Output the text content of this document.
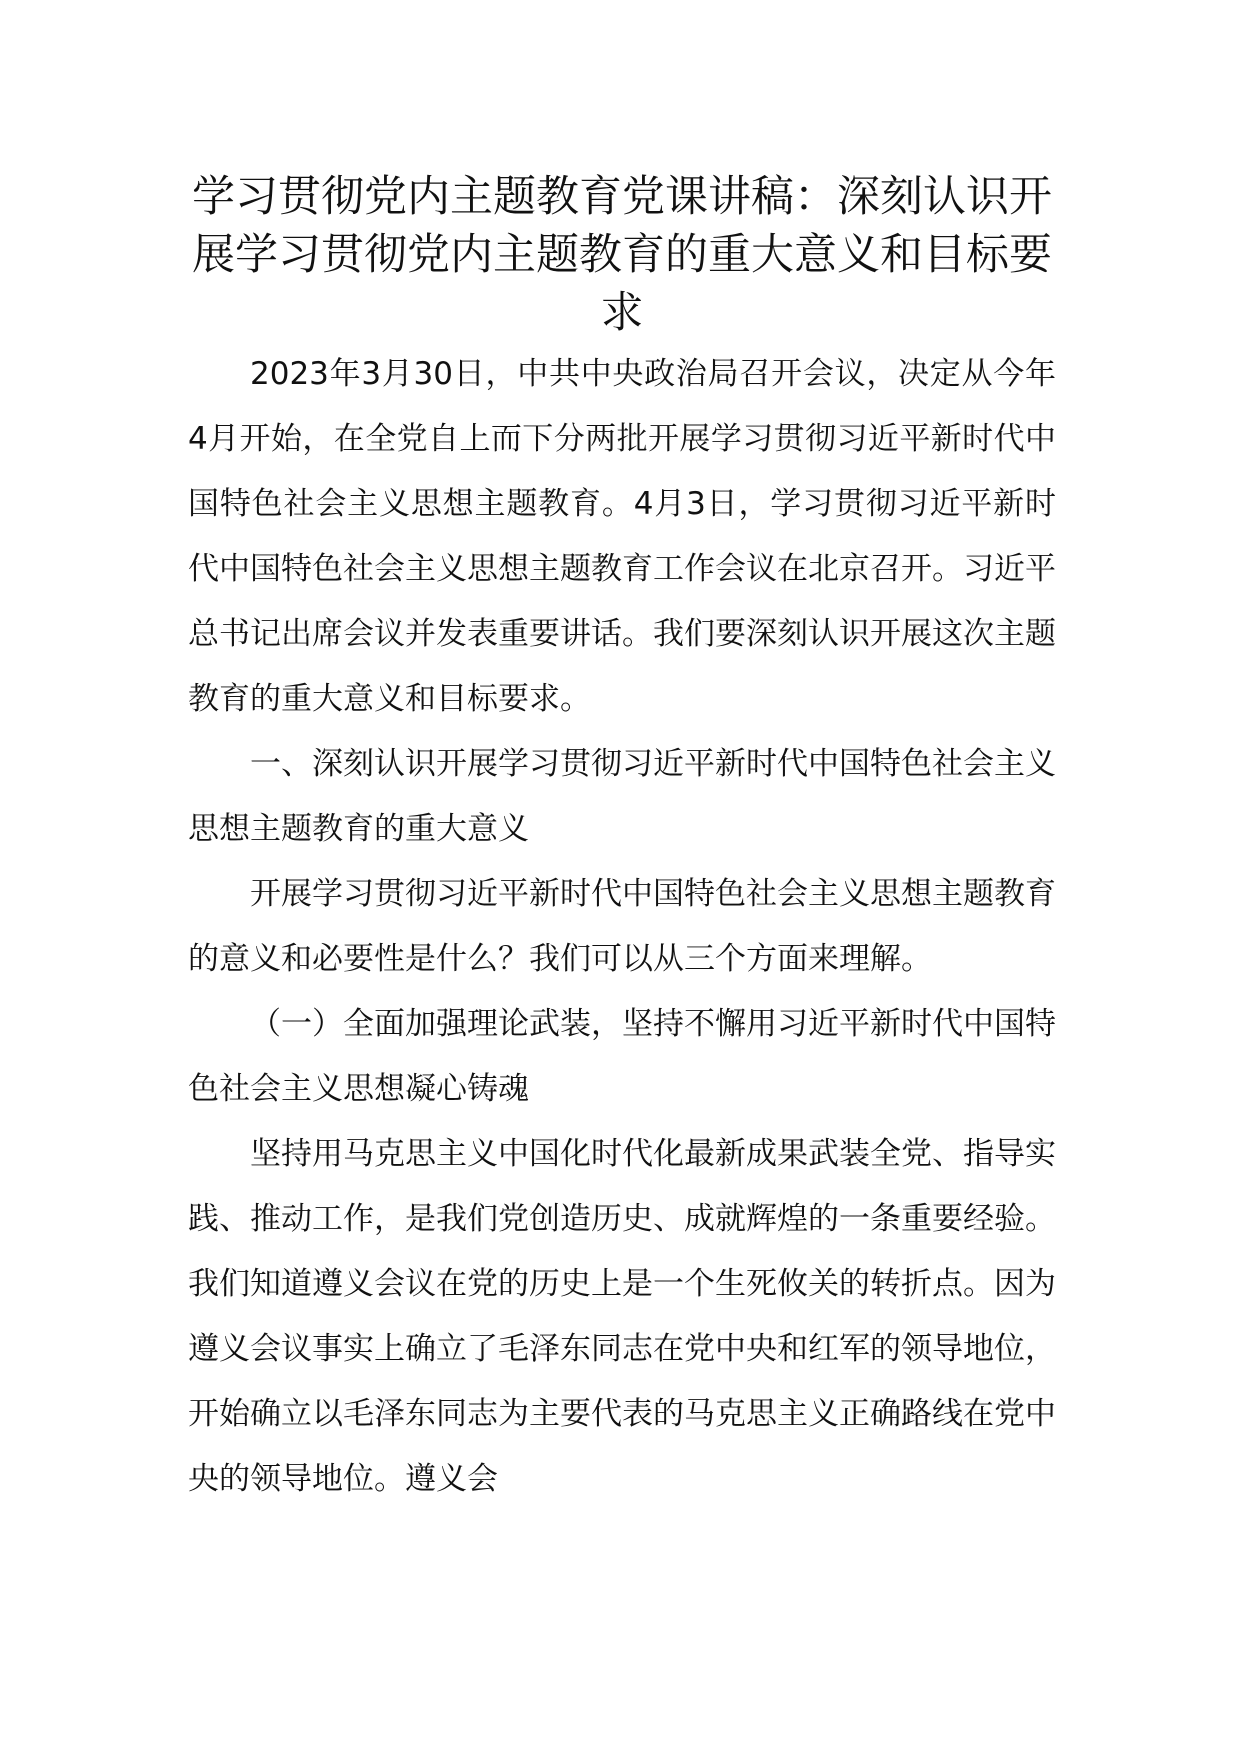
学习贯彻党内主题教育党课讲稿：深刻认识开展学习贯彻党内主题教育的重大意义和目标要求

2023年3月30日，中共中央政治局召开会议，决定从今年4月开始，在全党自上而下分两批开展学习贯彻习近平新时代中国特色社会主义思想主题教育。4月3日，学习贯彻习近平新时代中国特色社会主义思想主题教育工作会议在北京召开。习近平总书记出席会议并发表重要讲话。我们要深刻认识开展这次主题教育的重大意义和目标要求。

一、深刻认识开展学习贯彻习近平新时代中国特色社会主义思想主题教育的重大意义

开展学习贯彻习近平新时代中国特色社会主义思想主题教育的意义和必要性是什么？我们可以从三个方面来理解。

（一）全面加强理论武装，坚持不懈用习近平新时代中国特色社会主义思想凝心铸魂

坚持用马克思主义中国化时代化最新成果武装全党、指导实践、推动工作，是我们党创造历史、成就辉煌的一条重要经验。我们知道遵义会议在党的历史上是一个生死攸关的转折点。因为遵义会议事实上确立了毛泽东同志在党中央和红军的领导地位，开始确立以毛泽东同志为主要代表的马克思主义正确路线在党中央的领导地位。遵义会
